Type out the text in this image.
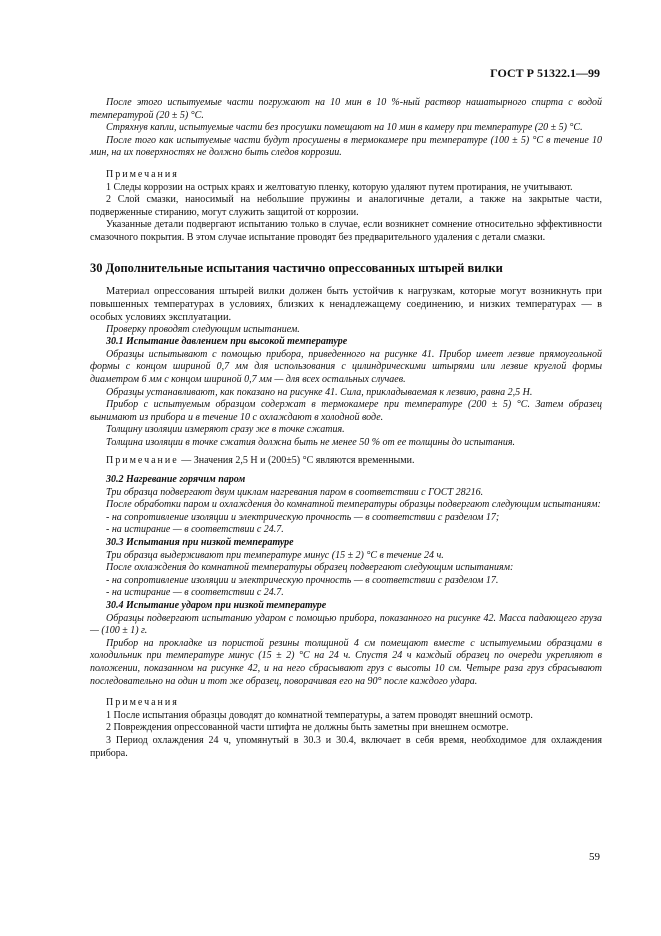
ГОСТ Р 51322.1—99

После этого испытуемые части погружают на 10 мин в 10 %-ный раствор нашатырного спирта с водой температурой (20 ± 5) °С.

Стряхнув капли, испытуемые части без просушки помещают на 10 мин в камеру при температуре (20 ± 5) °С.

После того как испытуемые части будут просушены в термокамере при температуре (100 ± 5) °С в течение 10 мин, на их поверхностях не должно быть следов коррозии.

Примечания

1 Следы коррозии на острых краях и желтоватую пленку, которую удаляют путем протирания, не учитывают.

2 Слой смазки, наносимый на небольшие пружины и аналогичные детали, а также на закрытые части, подверженные стиранию, могут служить защитой от коррозии.

Указанные детали подвергают испытанию только в случае, если возникнет сомнение относительно эффективности смазочного покрытия. В этом случае испытание проводят без предварительного удаления с детали смазки.

30 Дополнительные испытания частично опрессованных штырей вилки

Материал опрессования штырей вилки должен быть устойчив к нагрузкам, которые могут возникнуть при повышенных температурах в условиях, близких к ненадлежащему соединению, и низких температурах — в особых условиях эксплуатации.

Проверку проводят следующим испытанием.

30.1 Испытание давлением при высокой температуре

Образцы испытывают с помощью прибора, приведенного на рисунке 41. Прибор имеет лезвие прямоугольной формы с концом шириной 0,7 мм для использования с цилиндрическими штырями или лезвие круглой формы диаметром 6 мм с концом шириной 0,7 мм — для всех остальных случаев.

Образцы устанавливают, как показано на рисунке 41. Сила, прикладываемая к лезвию, равна 2,5 Н.

Прибор с испытуемым образцом содержат в термокамере при температуре (200 ± 5) °С. Затем образец вынимают из прибора и в течение 10 с охлаждают в холодной воде.

Толщину изоляции измеряют сразу же в точке сжатия.

Толщина изоляции в точке сжатия должна быть не менее 50 % от ее толщины до испытания.

Примечание — Значения 2,5 Н и (200±5) °С являются временными.

30.2 Нагревание горячим паром

Три образца подвергают двум циклам нагревания паром в соответствии с ГОСТ 28216.

После обработки паром и охлаждения до комнатной температуры образцы подвергают следующим испытаниям:

- на сопротивление изоляции и электрическую прочность — в соответствии с разделом 17;

- на истирание — в соответствии с 24.7.

30.3 Испытания при низкой температуре

Три образца выдерживают при температуре минус (15 ± 2) °С в течение 24 ч.

После охлаждения до комнатной температуры образец подвергают следующим испытаниям:

- на сопротивление изоляции и электрическую прочность — в соответствии с разделом 17.

- на истирание — в соответствии с 24.7.

30.4 Испытание ударом при низкой температуре

Образцы подвергают испытанию ударом с помощью прибора, показанного на рисунке 42. Масса падающего груза — (100 ± 1) г.

Прибор на прокладке из пористой резины толщиной 4 см помещают вместе с испытуемыми образцами в холодильник при температуре минус (15 ± 2) °С на 24 ч. Спустя 24 ч каждый образец по очереди укрепляют в положении, показанном на рисунке 42, и на него сбрасывают груз с высоты 10 см. Четыре раза груз сбрасывают последовательно на один и тот же образец, поворачивая его на 90° после каждого удара.

Примечания

1 После испытания образцы доводят до комнатной температуры, а затем проводят внешний осмотр.

2 Повреждения опрессованной части штифта не должны быть заметны при внешнем осмотре.

3 Период охлаждения 24 ч, упомянутый в 30.3 и 30.4, включает в себя время, необходимое для охлаждения прибора.

59
